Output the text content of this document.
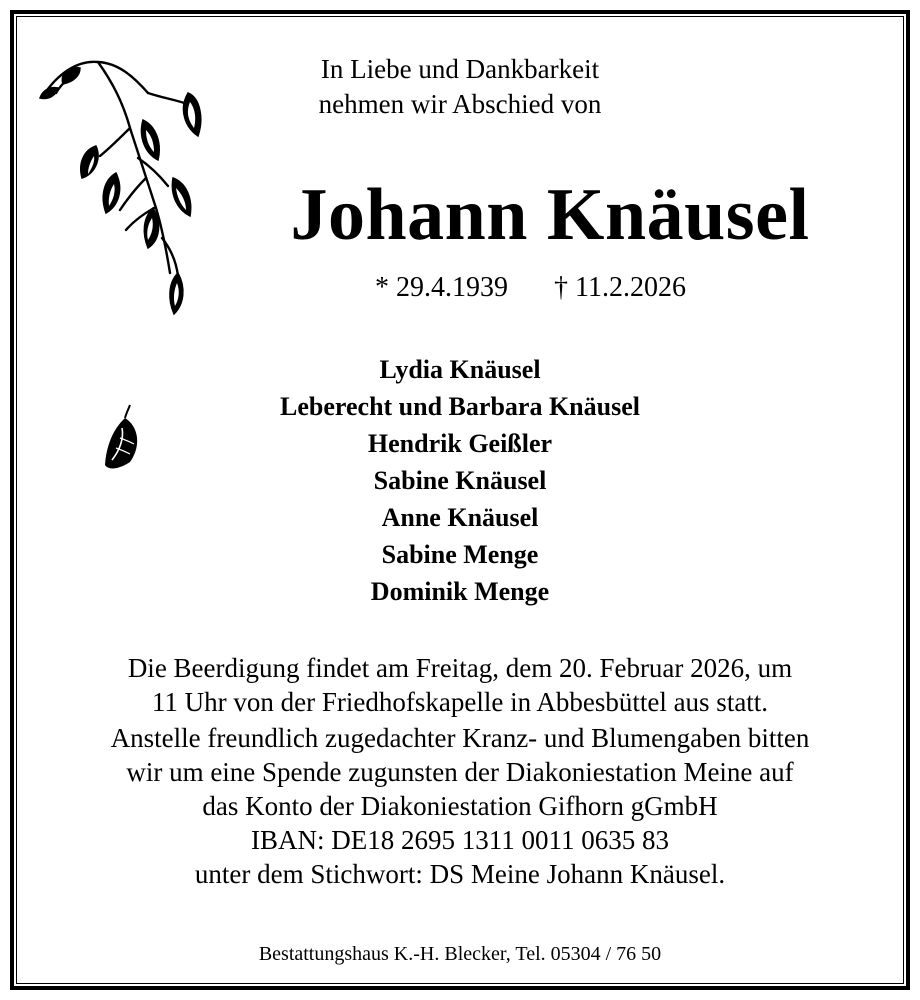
In Liebe und Dankbarkeit
nehmen wir Abschied von
Johann Knäusel
* 29.4.1939 † 11.2.2026
Lydia Knäusel
Leberecht und Barbara Knäusel
Hendrik Geißler
Sabine Knäusel
Anne Knäusel
Sabine Menge
Dominik Menge
Die Beerdigung findet am Freitag, dem 20. Februar 2026, um
11 Uhr von der Friedhofskapelle in Abbesbüttel aus statt.
Anstelle freundlich zugedachter Kranz- und Blumengaben bitten
wir um eine Spende zugunsten der Diakoniestation Meine auf
das Konto der Diakoniestation Gifhorn gGmbH
IBAN: DE18 2695 1311 0011 0635 83
unter dem Stichwort: DS Meine Johann Knäusel.
Bestattungshaus K.-H. Blecker, Tel. 05304 / 76 50
